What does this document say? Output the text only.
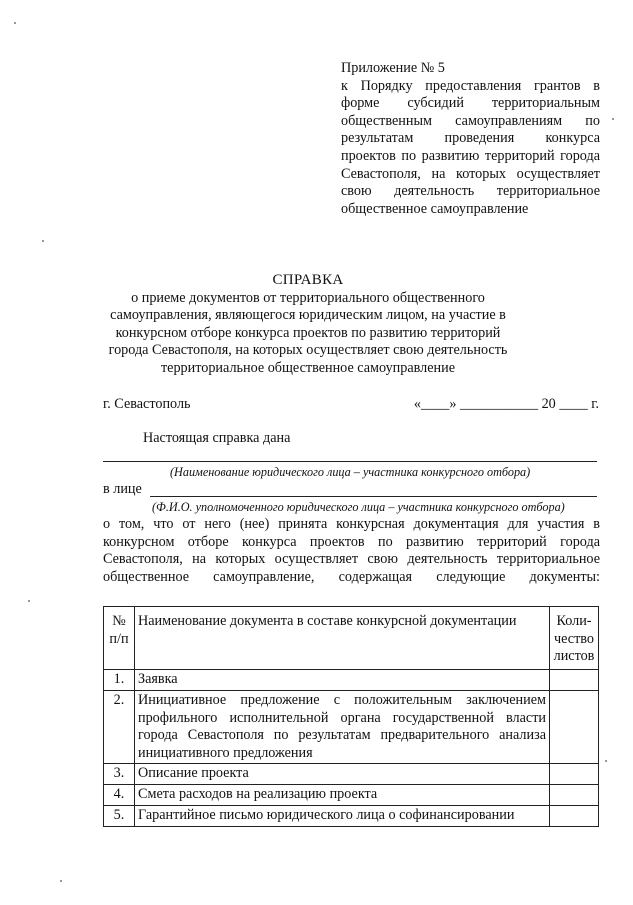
Приложение № 5
к Порядку предоставления грантов в форме субсидий территориальным общественным самоуправлениям по результатам проведения конкурса проектов по развитию территорий города Севастополя, на которых осуществляет свою деятельность территориальное общественное самоуправление
СПРАВКА
о приеме документов от территориального общественного самоуправления, являющегося юридическим лицом, на участие в конкурсном отборе конкурса проектов по развитию территорий города Севастополя, на которых осуществляет свою деятельность территориальное общественное самоуправление
г. Севастополь	«____» ___________ 20 ____ г.
Настоящая справка дана
(Наименование юридического лица – участника конкурсного отбора)
в лице
(Ф.И.О. уполномоченного юридического лица – участника конкурсного отбора)
о том, что от него (нее) принята конкурсная документация для участия в конкурсном отборе конкурса проектов по развитию территорий города Севастополя, на которых осуществляет свою деятельность территориальное общественное самоуправление, содержащая следующие документы:
№ п/п	Наименование документа в составе конкурсной документации	Коли-чество листов
1.	Заявка	
2.	Инициативное предложение с положительным заключением профильного исполнительной органа государственной власти города Севастополя по результатам предварительного анализа инициативного предложения	
3.	Описание проекта	
4.	Смета расходов на реализацию проекта	
5.	Гарантийное письмо юридического лица о софинансировании	
